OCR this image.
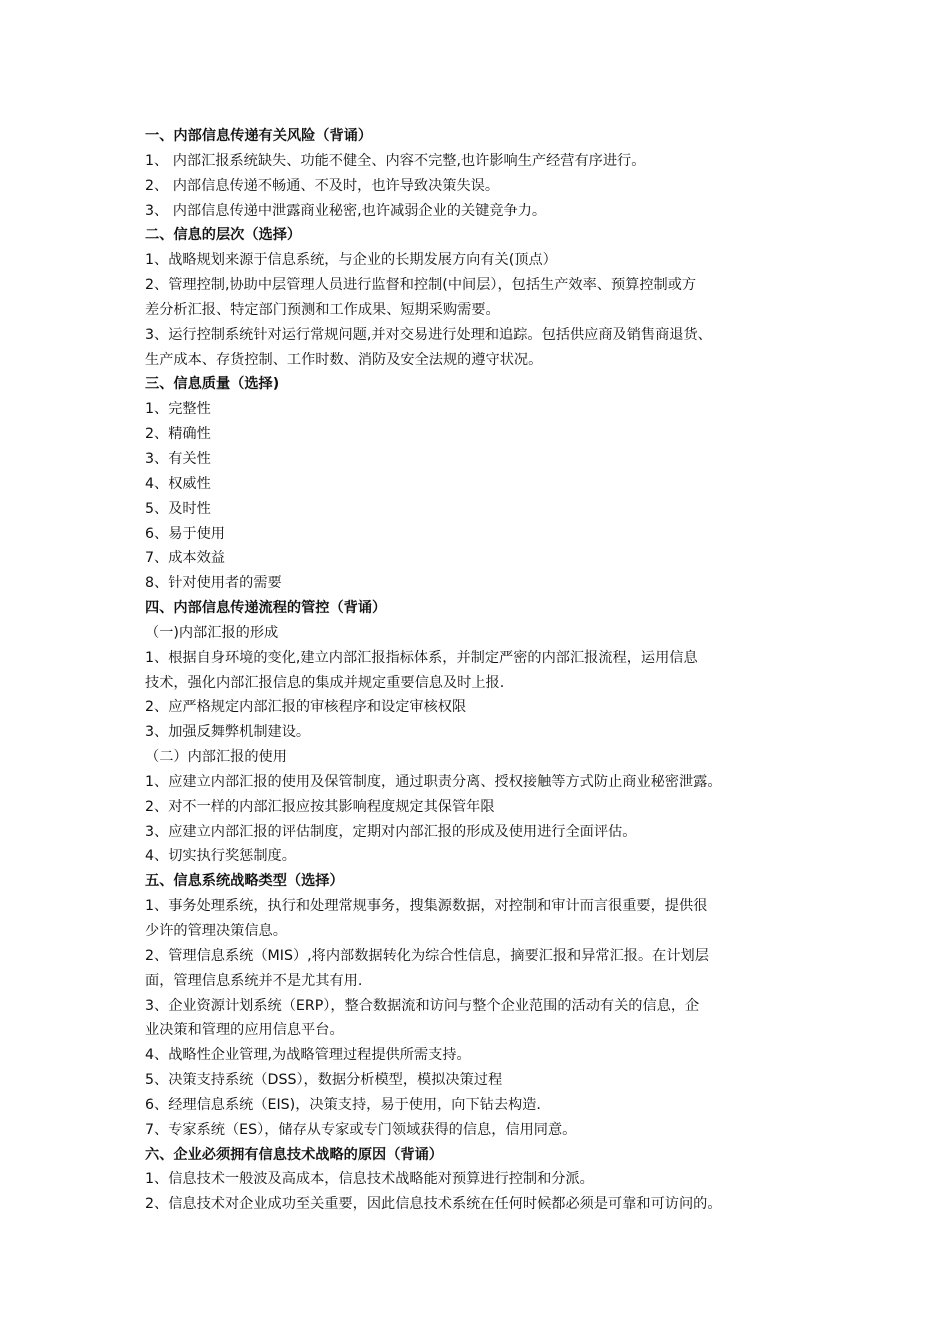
一、内部信息传递有关风险（背诵）
1、 内部汇报系统缺失、功能不健全、内容不完整,也许影响生产经营有序进行。
2、 内部信息传递不畅通、不及时，也许导致决策失误。
3、 内部信息传递中泄露商业秘密,也许减弱企业的关键竞争力。
二、信息的层次（选择）
1、战略规划来源于信息系统，与企业的长期发展方向有关(顶点）
2、管理控制,协助中层管理人员进行监督和控制(中间层），包括生产效率、预算控制或方
差分析汇报、特定部门预测和工作成果、短期采购需要。
3、运行控制系统针对运行常规问题,并对交易进行处理和追踪。包括供应商及销售商退货、
生产成本、存货控制、工作时数、消防及安全法规的遵守状况。
三、信息质量（选择)
1、完整性
2、精确性
3、有关性
4、权威性
5、及时性
6、易于使用
7、成本效益
8、针对使用者的需要
四、内部信息传递流程的管控（背诵）
（一)内部汇报的形成
1、根据自身环境的变化,建立内部汇报指标体系，并制定严密的内部汇报流程，运用信息
技术，强化内部汇报信息的集成并规定重要信息及时上报.
2、应严格规定内部汇报的审核程序和设定审核权限
3、加强反舞弊机制建设。
（二）内部汇报的使用
1、应建立内部汇报的使用及保管制度，通过职责分离、授权接触等方式防止商业秘密泄露。
2、对不一样的内部汇报应按其影响程度规定其保管年限
3、应建立内部汇报的评估制度，定期对内部汇报的形成及使用进行全面评估。
4、切实执行奖惩制度。
五、信息系统战略类型（选择）
1、事务处理系统，执行和处理常规事务，搜集源数据，对控制和审计而言很重要，提供很
少许的管理决策信息。
2、管理信息系统（MIS）,将内部数据转化为综合性信息，摘要汇报和异常汇报。在计划层
面，管理信息系统并不是尤其有用.
3、企业资源计划系统（ERP），整合数据流和访问与整个企业范围的活动有关的信息，企
业决策和管理的应用信息平台。
4、战略性企业管理,为战略管理过程提供所需支持。
5、决策支持系统（DSS），数据分析模型，模拟决策过程
6、经理信息系统（EIS)，决策支持，易于使用，向下钻去构造.
7、专家系统（ES），储存从专家或专门领域获得的信息，信用同意。
六、企业必须拥有信息技术战略的原因（背诵）
1、信息技术一般波及高成本，信息技术战略能对预算进行控制和分派。
2、信息技术对企业成功至关重要，因此信息技术系统在任何时候都必须是可靠和可访问的。
